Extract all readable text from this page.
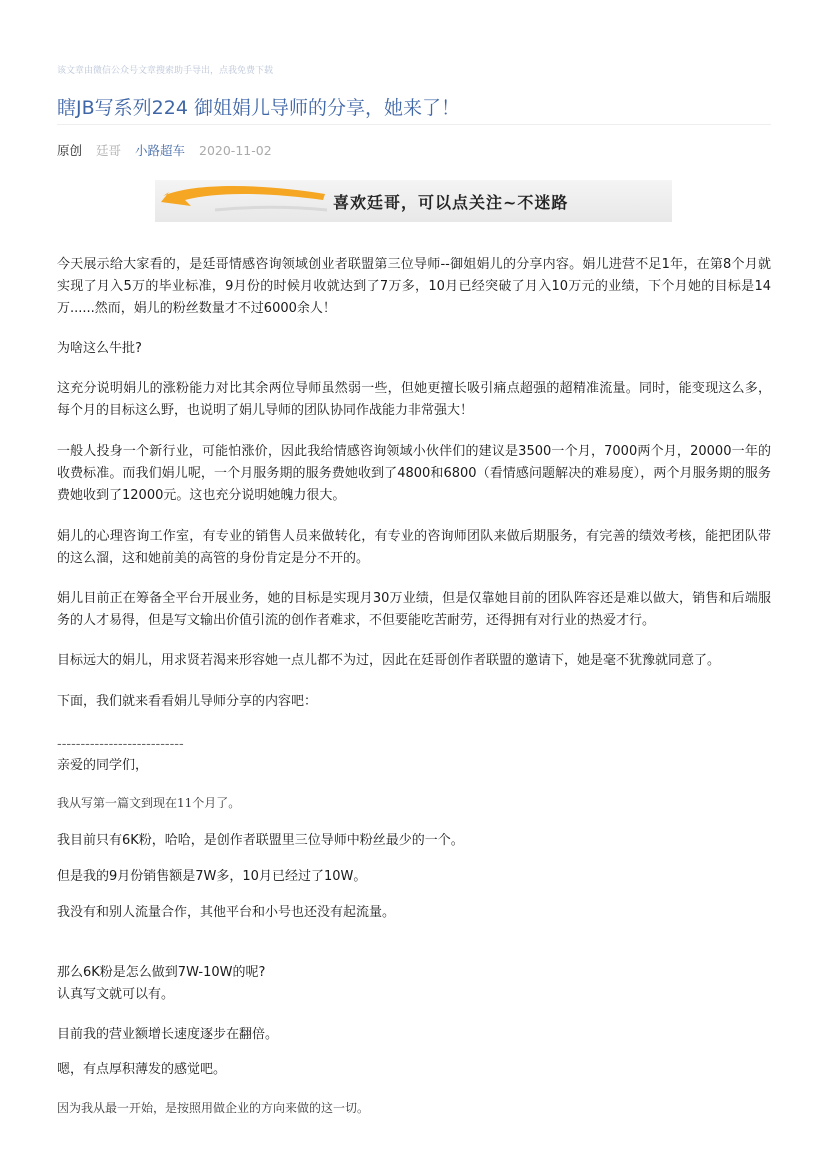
该文章由微信公众号文章搜索助手导出，点我免费下载
瞎JB写系列224 御姐娟儿导师的分享，她来了！
原创 廷哥 小路超车 2020-11-02
喜欢廷哥，可以点关注~不迷路

今天展示给大家看的，是廷哥情感咨询领域创业者联盟第三位导师--御姐娟儿的分享内容。娟儿进营不足1年，在第8个月就实现了月入5万的毕业标准，9月份的时候月收就达到了7万多，10月已经突破了月入10万元的业绩，下个月她的目标是14万......然而，娟儿的粉丝数量才不过6000余人！

为啥这么牛批?

这充分说明娟儿的涨粉能力对比其余两位导师虽然弱一些，但她更擅长吸引痛点超强的超精准流量。同时，能变现这么多，每个月的目标这么野，也说明了娟儿导师的团队协同作战能力非常强大！

一般人投身一个新行业，可能怕涨价，因此我给情感咨询领域小伙伴们的建议是3500一个月，7000两个月，20000一年的收费标准。而我们娟儿呢，一个月服务期的服务费她收到了4800和6800（看情感问题解决的难易度），两个月服务期的服务费她收到了12000元。这也充分说明她魄力很大。

娟儿的心理咨询工作室，有专业的销售人员来做转化，有专业的咨询师团队来做后期服务，有完善的绩效考核，能把团队带的这么溜，这和她前美的高管的身份肯定是分不开的。

娟儿目前正在筹备全平台开展业务，她的目标是实现月30万业绩，但是仅靠她目前的团队阵容还是难以做大，销售和后端服务的人才易得，但是写文输出价值引流的创作者难求，不但要能吃苦耐劳，还得拥有对行业的热爱才行。

目标远大的娟儿，用求贤若渴来形容她一点儿都不为过，因此在廷哥创作者联盟的邀请下，她是毫不犹豫就同意了。

下面，我们就来看看娟儿导师分享的内容吧：

---------------------------

亲爱的同学们，

我从写第一篇文到现在11个月了。

我目前只有6K粉，哈哈，是创作者联盟里三位导师中粉丝最少的一个。

但是我的9月份销售额是7W多，10月已经过了10W。

我没有和别人流量合作，其他平台和小号也还没有起流量。

那么6K粉是怎么做到7W-10W的呢?

认真写文就可以有。

目前我的营业额增长速度逐步在翻倍。

嗯，有点厚积薄发的感觉吧。

因为我从最一开始，是按照用做企业的方向来做的这一切。
